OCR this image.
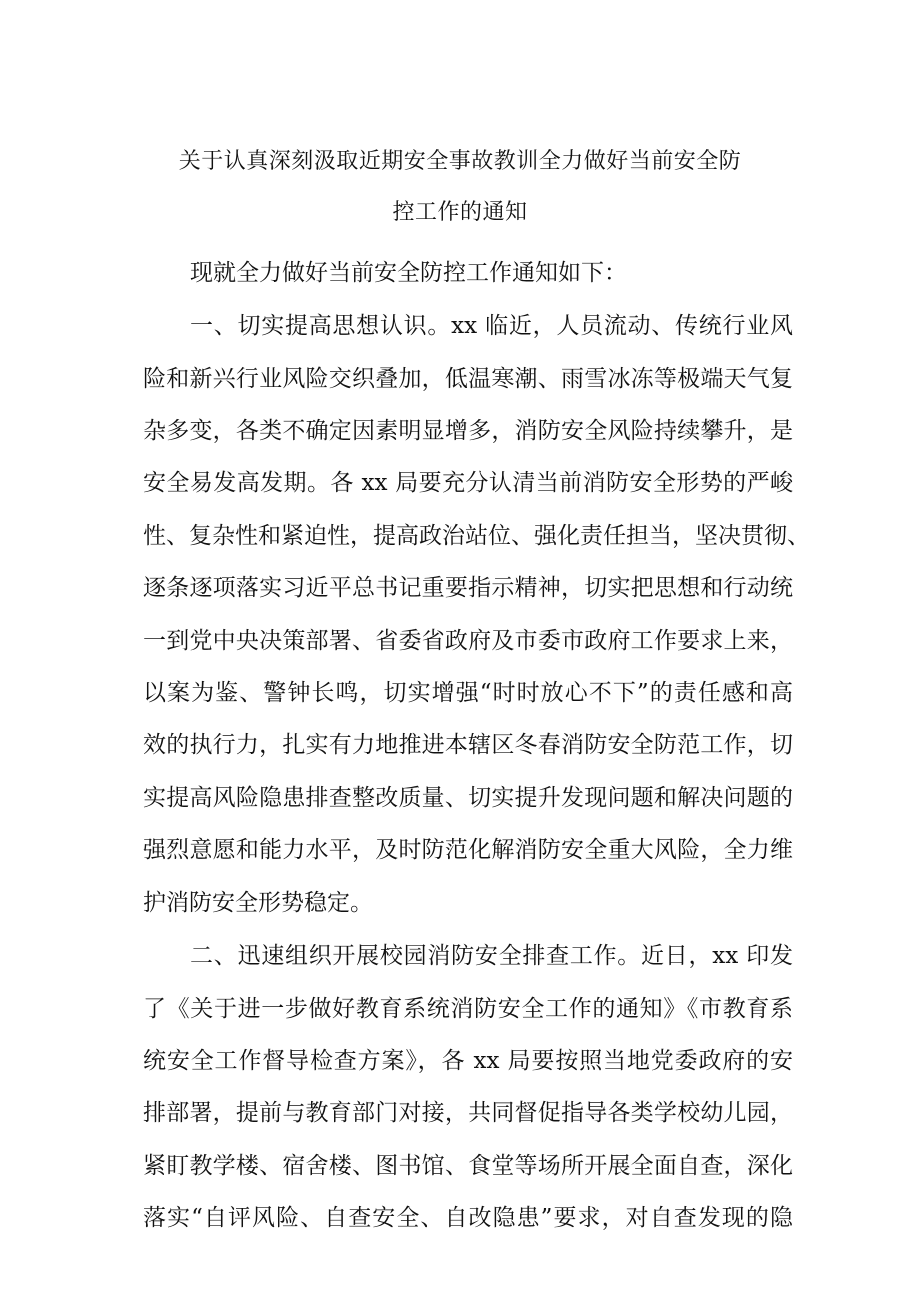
关于认真深刻汲取近期安全事故教训全力做好当前安全防
控工作的通知
现就全力做好当前安全防控工作通知如下：
一、切实提高思想认识。xx 临近，人员流动、传统行业风
险和新兴行业风险交织叠加，低温寒潮、雨雪冰冻等极端天气复
杂多变，各类不确定因素明显增多，消防安全风险持续攀升，是
安全易发高发期。各 xx 局要充分认清当前消防安全形势的严峻
性、复杂性和紧迫性，提高政治站位、强化责任担当，坚决贯彻、
逐条逐项落实习近平总书记重要指示精神，切实把思想和行动统
一到党中央决策部署、省委省政府及市委市政府工作要求上来，
以案为鉴、警钟长鸣，切实增强“时时放心不下”的责任感和高
效的执行力，扎实有力地推进本辖区冬春消防安全防范工作，切
实提高风险隐患排查整改质量、切实提升发现问题和解决问题的
强烈意愿和能力水平，及时防范化解消防安全重大风险，全力维
护消防安全形势稳定。
二、迅速组织开展校园消防安全排查工作。近日，xx 印发
了《关于进一步做好教育系统消防安全工作的通知》《市教育系
统安全工作督导检查方案》，各 xx 局要按照当地党委政府的安
排部署，提前与教育部门对接，共同督促指导各类学校幼儿园，
紧盯教学楼、宿舍楼、图书馆、食堂等场所开展全面自查，深化
落实“自评风险、自查安全、自改隐患”要求，对自查发现的隐
